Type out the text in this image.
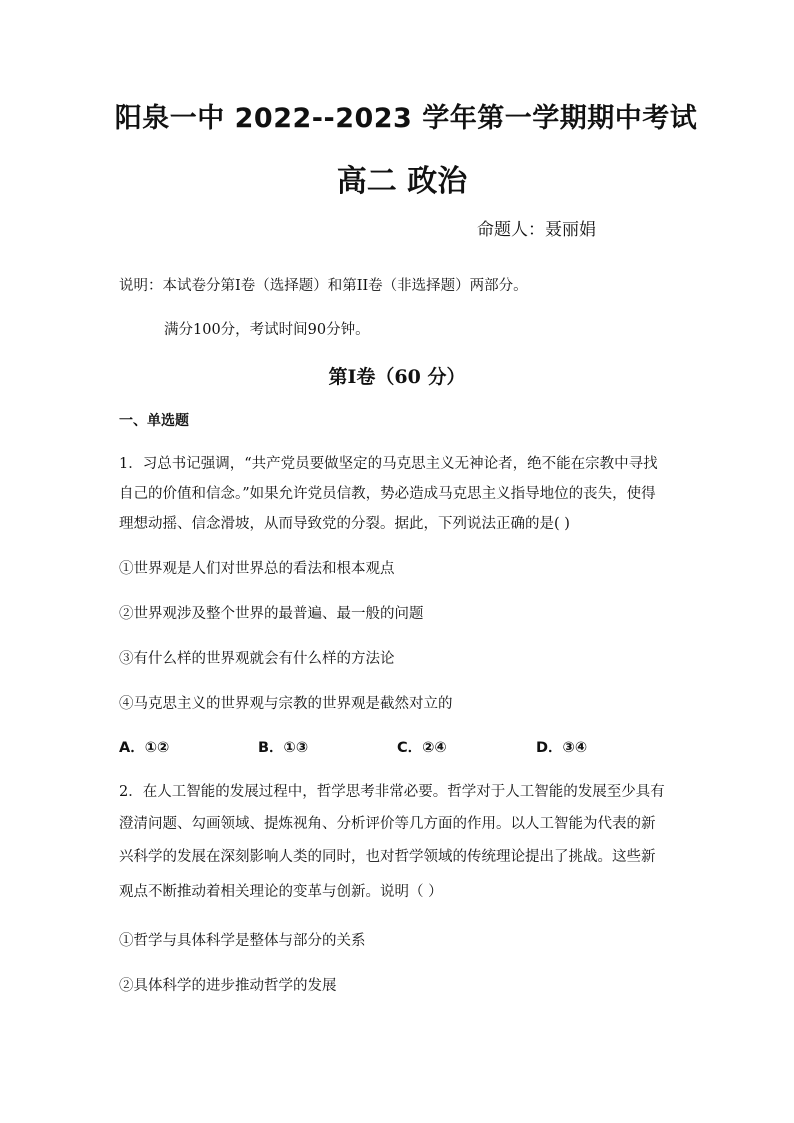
阳泉一中 2022--2023 学年第一学期期中考试
高二 政治
命题人：聂丽娟
说明：本试卷分第Ⅰ卷（选择题）和第II卷（非选择题）两部分。
满分100分，考试时间90分钟。
第Ⅰ卷（60 分）
一、单选题
1．习总书记强调，“共产党员要做坚定的马克思主义无神论者，绝不能在宗教中寻找
自己的价值和信念。”如果允许党员信教，势必造成马克思主义指导地位的丧失，使得
理想动摇、信念滑坡，从而导致党的分裂。据此，下列说法正确的是( )
①世界观是人们对世界总的看法和根本观点
②世界观涉及整个世界的最普遍、最一般的问题
③有什么样的世界观就会有什么样的方法论
④马克思主义的世界观与宗教的世界观是截然对立的
A．①②	B．①③	C．②④	D．③④
2．在人工智能的发展过程中，哲学思考非常必要。哲学对于人工智能的发展至少具有
澄清问题、勾画领域、提炼视角、分析评价等几方面的作用。以人工智能为代表的新
兴科学的发展在深刻影响人类的同时，也对哲学领域的传统理论提出了挑战。这些新
观点不断推动着相关理论的变革与创新。说明（ ）
①哲学与具体科学是整体与部分的关系
②具体科学的进步推动哲学的发展
